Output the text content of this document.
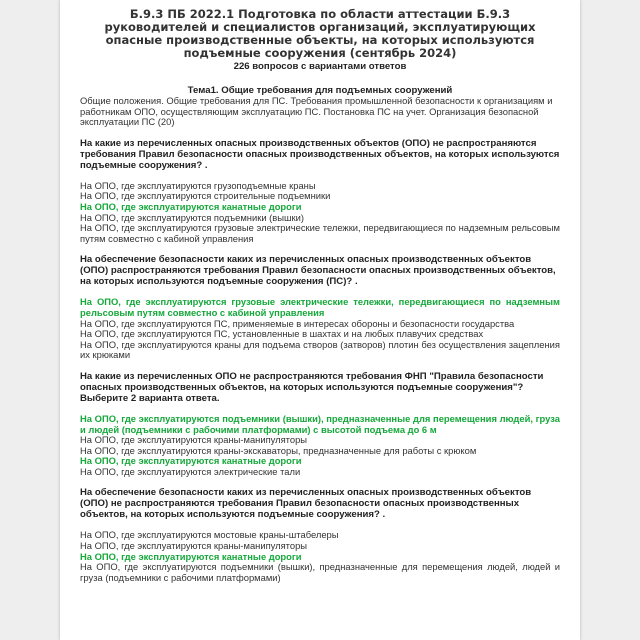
Б.9.3 ПБ 2022.1 Подготовка по области аттестации Б.9.3 руководителей и специалистов организаций, эксплуатирующих опасные производственные объекты, на которых используются подъемные сооружения (сентябрь 2024)
226 вопросов с вариантами ответов
Тема1. Общие требования для подъемных сооружений
Общие положения. Общие требования для ПС. Требования промышленной безопасности к организациям и работникам ОПО, осуществляющим эксплуатацию ПС. Постановка ПС на учет. Организация безопасной эксплуатации ПС (20)
На какие из перечисленных опасных производственных объектов (ОПО) не распространяются требования Правил безопасности опасных производственных объектов, на которых используются подъемные сооружения? .
На ОПО, где эксплуатируются грузоподъемные краны
На ОПО, где эксплуатируются строительные подъемники
На ОПО, где эксплуатируются канатные дороги
На ОПО, где эксплуатируются подъемники (вышки)
На ОПО, где эксплуатируются грузовые электрические тележки, передвигающиеся по надземным рельсовым путям совместно с кабиной управления
На обеспечение безопасности каких из перечисленных опасных производственных объектов (ОПО) распространяются требования Правил безопасности опасных производственных объектов, на которых используются подъемные сооружения (ПС)? .
На ОПО, где эксплуатируются грузовые электрические тележки, передвигающиеся по надземным рельсовым путям совместно с кабиной управления
На ОПО, где эксплуатируются ПС, применяемые в интересах обороны и безопасности государства
На ОПО, где эксплуатируются ПС, установленные в шахтах и на любых плавучих средствах
На ОПО, где эксплуатируются краны для подъема створов (затворов) плотин без осуществления зацепления их крюками
На какие из перечисленных ОПО не распространяются требования ФНП "Правила безопасности опасных производственных объектов, на которых используются подъемные сооружения"? Выберите 2 варианта ответа.
На ОПО, где эксплуатируются подъемники (вышки), предназначенные для перемещения людей, груза и людей (подъемники с рабочими платформами) с высотой подъема до 6 м
На ОПО, где эксплуатируются краны-манипуляторы
На ОПО, где эксплуатируются краны-экскаваторы, предназначенные для работы с крюком
На ОПО, где эксплуатируются канатные дороги
На ОПО, где эксплуатируются электрические тали
На обеспечение безопасности каких из перечисленных опасных производственных объектов (ОПО) не распространяются требования Правил безопасности опасных производственных объектов, на которых используются подъемные сооружения? .
На ОПО, где эксплуатируются мостовые краны-штабелеры
На ОПО, где эксплуатируются краны-манипуляторы
На ОПО, где эксплуатируются канатные дороги
На ОПО, где эксплуатируются подъемники (вышки), предназначенные для перемещения людей, людей и груза (подъемники с рабочими платформами)
